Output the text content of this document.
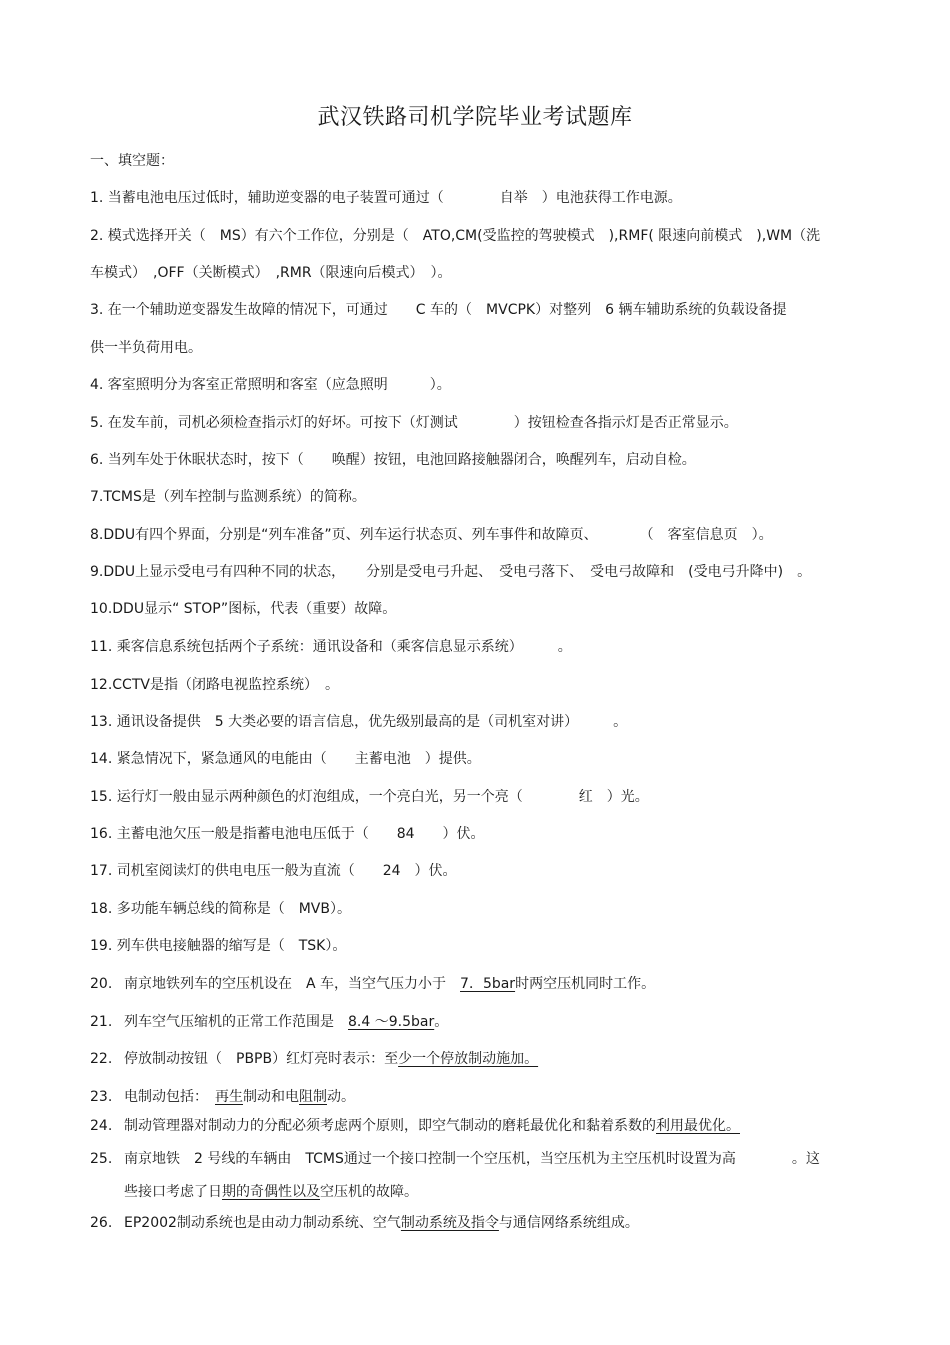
武汉铁路司机学院毕业考试题库
一、填空题：
1. 当蓄电池电压过低时，辅助逆变器的电子装置可通过（　　　　自举　）电池获得工作电源。
2. 模式选择开关（　MS）有六个工作位，分别是（　ATO,CM(受监控的驾驶模式　),RMF( 限速向前模式　),WM（洗
车模式）　,OFF（关断模式）　,RMR（限速向后模式）　）。
3. 在一个辅助逆变器发生故障的情况下，可通过　　C 车的（　MVCPK）对整列　6 辆车辅助系统的负载设备提
供一半负荷用电。
4. 客室照明分为客室正常照明和客室（应急照明　　　）。
5. 在发车前，司机必须检查指示灯的好坏。可按下（灯测试　　　　）按钮检查各指示灯是否正常显示。
6. 当列车处于休眠状态时，按下（　　唤醒）按钮，电池回路接触器闭合，唤醒列车，启动自检。
7.TCMS是（列车控制与监测系统）的简称。
8.DDU有四个界面，分别是“列车准备”页、列车运行状态页、列车事件和故障页、　　　　（　客室信息页　）。
9.DDU上显示受电弓有四种不同的状态，　　分别是受电弓升起、　受电弓落下、　受电弓故障和　(受电弓升降中)　。
10.DDU显示“ STOP”图标，代表（重要）故障。
11. 乘客信息系统包括两个子系统：通讯设备和（乘客信息显示系统）　　　。
12.CCTV是指（闭路电视监控系统）　。
13. 通讯设备提供　5 大类必要的语言信息，优先级别最高的是（司机室对讲）　　　。
14. 紧急情况下，紧急通风的电能由（　　主蓄电池　）提供。
15. 运行灯一般由显示两种颜色的灯泡组成，一个亮白光，另一个亮（　　　　红　）光。
16. 主蓄电池欠压一般是指蓄电池电压低于（　　84　　）伏。
17. 司机室阅读灯的供电电压一般为直流（　　24　）伏。
18. 多功能车辆总线的简称是（　MVB）。
19. 列车供电接触器的缩写是（　TSK）。
20. 南京地铁列车的空压机设在　A 车，当空气压力小于　7．5bar时两空压机同时工作。
21. 列车空气压缩机的正常工作范围是　8.4 ～9.5bar。
22. 停放制动按钮（　PBPB）红灯亮时表示：至少一个停放制动施加。
23. 电制动包括：　再生制动和电阻制动。
24. 制动管理器对制动力的分配必须考虑两个原则，即空气制动的磨耗最优化和黏着系数的利用最优化。
25. 南京地铁　2 号线的车辆由　TCMS通过一个接口控制一个空压机，当空压机为主空压机时设置为高　　　　。这
些接口考虑了日期的奇偶性以及空压机的故障。
26. EP2002制动系统也是由动力制动系统、空气制动系统及指令与通信网络系统组成。
